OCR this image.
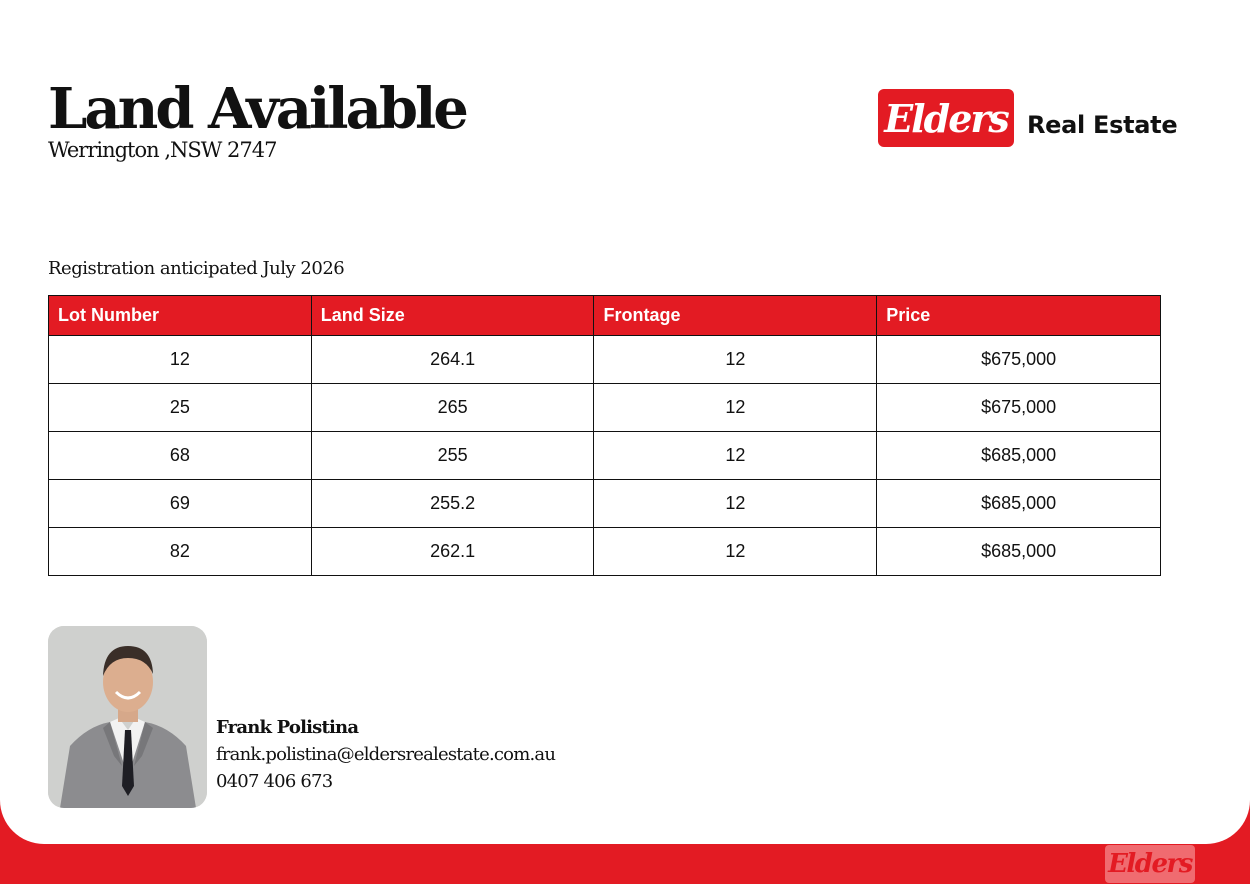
Land Available
Werrington ,NSW 2747
Elders Real Estate
Registration anticipated July 2026
Lot Number	Land Size	Frontage	Price
12	264.1	12	$675,000
25	265	12	$675,000
68	255	12	$685,000
69	255.2	12	$685,000
82	262.1	12	$685,000
Frank Polistina
frank.polistina@eldersrealestate.com.au
0407 406 673
Elders
